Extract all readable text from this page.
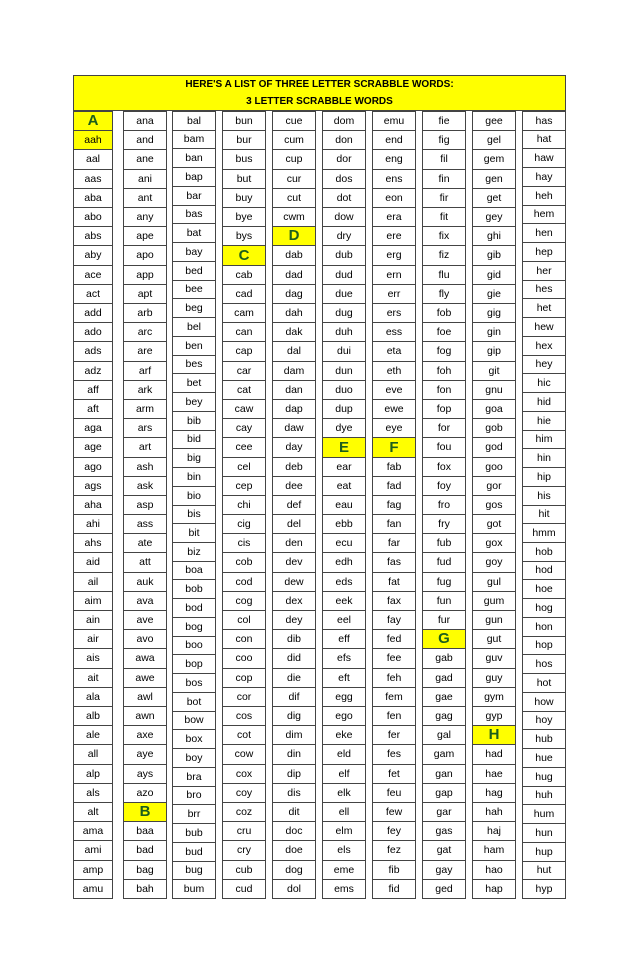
HERE'S A LIST OF THREE LETTER SCRABBLE WORDS:
3 LETTER SCRABBLE WORDS
A
aah
aal
aas
aba
abo
abs
aby
ace
act
add
ado
ads
adz
aff
aft
aga
age
ago
ags
aha
ahi
ahs
aid
ail
aim
ain
air
ais
ait
ala
alb
ale
all
alp
als
alt
ama
ami
amp
amu
ana
and
ane
ani
ant
any
ape
apo
app
apt
arb
arc
are
arf
ark
arm
ars
art
ash
ask
asp
ass
ate
att
auk
ava
ave
avo
awa
awe
awl
awn
axe
aye
ays
azo
B
baa
bad
bag
bah
bal
bam
ban
bap
bar
bas
bat
bay
bed
bee
beg
bel
ben
bes
bet
bey
bib
bid
big
bin
bio
bis
bit
biz
boa
bob
bod
bog
boo
bop
bos
bot
bow
box
boy
bra
bro
brr
bub
bud
bug
bum
bun
bur
bus
but
buy
bye
bys
C
cab
cad
cam
can
cap
car
cat
caw
cay
cee
cel
cep
chi
cig
cis
cob
cod
cog
col
con
coo
cop
cor
cos
cot
cow
cox
coy
coz
cru
cry
cub
cud
cue
cum
cup
cur
cut
cwm
D
dab
dad
dag
dah
dak
dal
dam
dan
dap
daw
day
deb
dee
def
del
den
dev
dew
dex
dey
dib
did
die
dif
dig
dim
din
dip
dis
dit
doc
doe
dog
dol
dom
don
dor
dos
dot
dow
dry
dub
dud
due
dug
duh
dui
dun
duo
dup
dye
E
ear
eat
eau
ebb
ecu
edh
eds
eek
eel
eff
efs
eft
egg
ego
eke
eld
elf
elk
ell
elm
els
eme
ems
emu
end
eng
ens
eon
era
ere
erg
ern
err
ers
ess
eta
eth
eve
ewe
eye
F
fab
fad
fag
fan
far
fas
fat
fax
fay
fed
fee
feh
fem
fen
fer
fes
fet
feu
few
fey
fez
fib
fid
fie
fig
fil
fin
fir
fit
fix
fiz
flu
fly
fob
foe
fog
foh
fon
fop
for
fou
fox
foy
fro
fry
fub
fud
fug
fun
fur
G
gab
gad
gae
gag
gal
gam
gan
gap
gar
gas
gat
gay
ged
gee
gel
gem
gen
get
gey
ghi
gib
gid
gie
gig
gin
gip
git
gnu
goa
gob
god
goo
gor
gos
got
gox
goy
gul
gum
gun
gut
guv
guy
gym
gyp
H
had
hae
hag
hah
haj
ham
hao
hap
has
hat
haw
hay
heh
hem
hen
hep
her
hes
het
hew
hex
hey
hic
hid
hie
him
hin
hip
his
hit
hmm
hob
hod
hoe
hog
hon
hop
hos
hot
how
hoy
hub
hue
hug
huh
hum
hun
hup
hut
hyp
